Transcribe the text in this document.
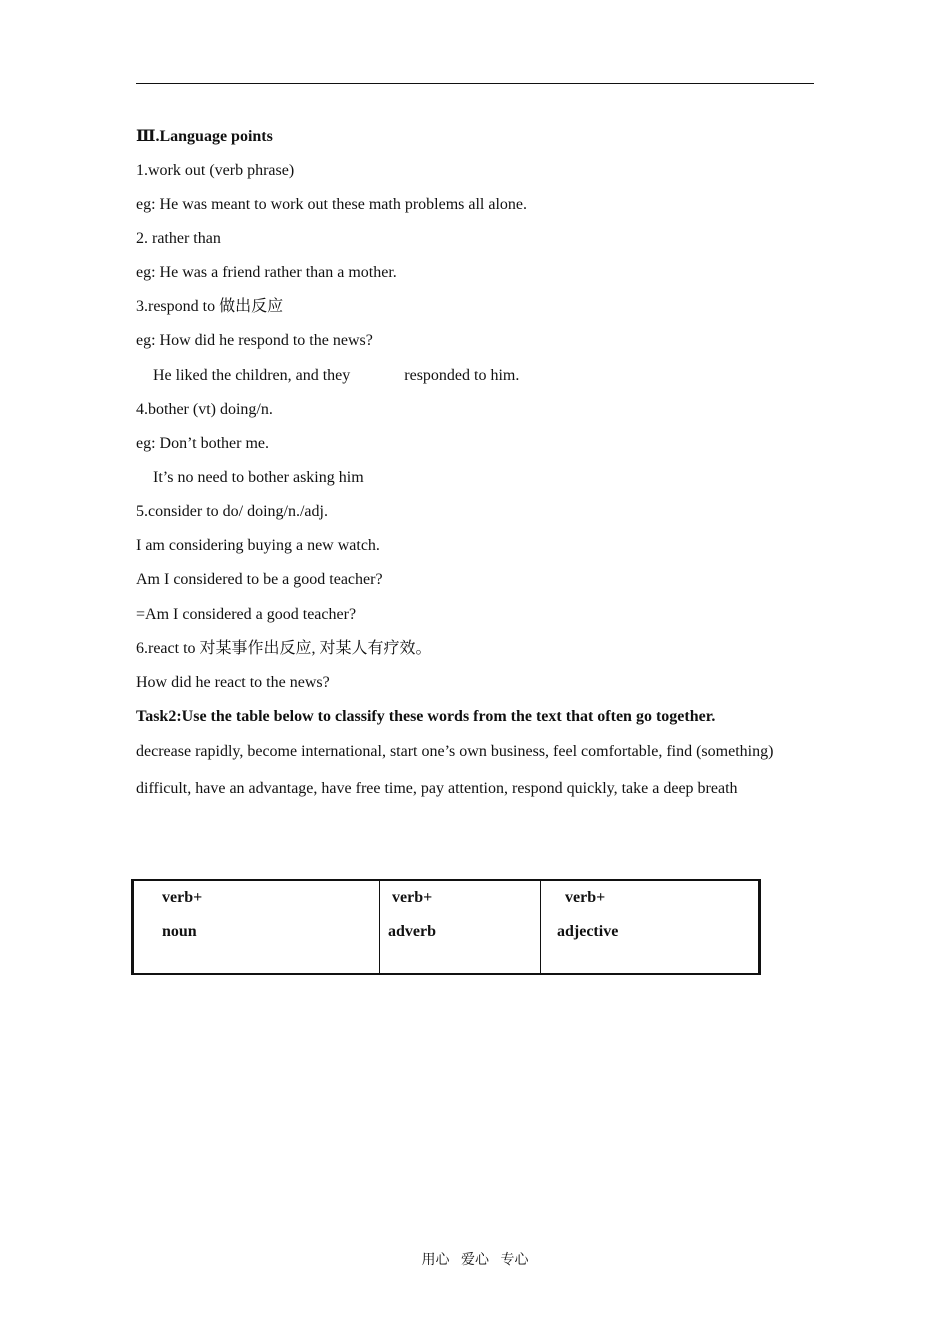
Ⅲ.Language points
1.work out (verb phrase)
eg: He was meant to work out these math problems all alone.
2. rather than
eg: He was a friend rather than a mother.
3.respond to 做出反应
eg: How did he respond to the news?
He liked the children, and they	responded to him.
4.bother (vt) doing/n.
eg: Don’t bother me.
It’s no need to bother asking him
5.consider to do/ doing/n./adj.
I am considering buying a new watch.
Am I considered to be a good teacher?
=Am I considered a good teacher?
6.react to 对某事作出反应, 对某人有疗效。
How did he react to the news?
Task2:Use the table below to classify these words from the text that often go together.
decrease rapidly, become international, start one’s own business, feel comfortable, find (something) difficult, have an advantage, have free time, pay attention, respond quickly, take a deep breath
verb+
noun

verb+
adverb

verb+
adjective
用心 爱心 专心
